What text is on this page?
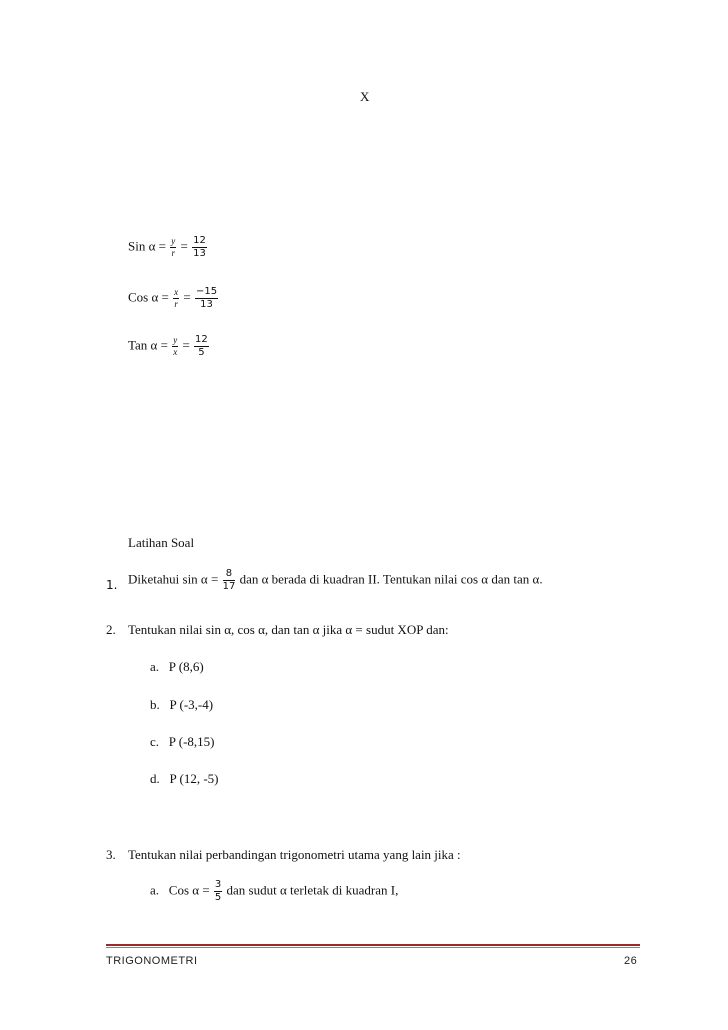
X
Sin $\alpha = \frac{y}{r} = \frac{12}{13}$
Cos $\alpha = \frac{x}{r} = \frac{-15}{13}$
Tan $\alpha = \frac{y}{x} = \frac{12}{5}$
Latihan Soal
1. Diketahui $\sin \alpha = \frac{8}{17}$ dan α berada di kuadran II. Tentukan nilai cos α dan tan α.
2. Tentukan nilai sin α, cos α, dan tan α jika α = sudut XOP dan:
a. P (8,6)
b. P (-3,-4)
c. P (-8,15)
d. P (12, -5)
3. Tentukan nilai perbandingan trigonometri utama yang lain jika :
a. Cos $\alpha = \frac{3}{5}$ dan sudut α terletak di kuadran I,
TRIGONOMETRI	26
